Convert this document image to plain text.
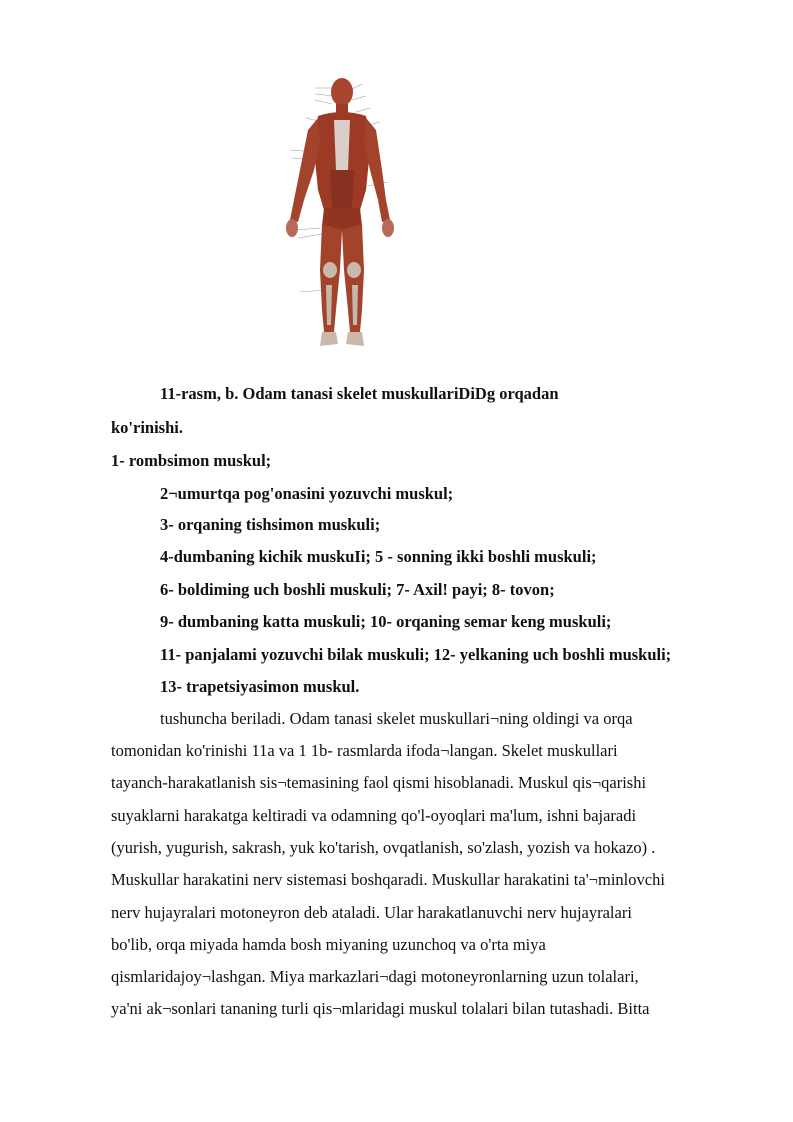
11-rasm, b. Odam tanasi skelet muskullariDiDg orqadan
ko'rinishi.
1- rombsimon muskul;
2¬umurtqa pog'onasini yozuvchi muskul;
3- orqaning tishsimon muskuli;
4-dumbaning kichik muskuIi; 5 - sonning ikki boshli muskuli;
6- boldiming uch boshli muskuli; 7- Axil! payi; 8- tovon;
9- dumbaning katta muskuli; 10- orqaning semar keng muskuli;
11- panjalami yozuvchi bilak muskuli; 12- yelkaning uch boshli muskuli;
13- trapetsiyasimon muskul.
tushuncha beriladi. Odam tanasi skelet muskullari¬ning oldingi va orqa
tomonidan ko'rinishi 11a va 1 1b- rasmlarda ifoda¬langan. Skelet muskullari
tayanch-harakatlanish sis¬temasining faol qismi hisoblanadi. Muskul qis¬qarishi
suyaklarni harakatga keltiradi va odamning qo'l-oyoqlari ma'lum, ishni bajaradi
(yurish, yugurish, sakrash, yuk ko'tarish, ovqatlanish, so'zlash, yozish va hokazo) .
Muskullar harakatini nerv sistemasi boshqaradi. Muskullar harakatini ta'¬minlovchi
nerv hujayralari motoneyron deb ataladi. Ular harakatlanuvchi nerv hujayralari
bo'lib, orqa miyada hamda bosh miyaning uzunchoq va o'rta miya
qismlaridajoy¬lashgan. Miya markazlari¬dagi motoneyronlarning uzun tolalari,
ya'ni ak¬sonlari tananing turli qis¬mlaridagi muskul tolalari bilan tutashadi. Bitta
